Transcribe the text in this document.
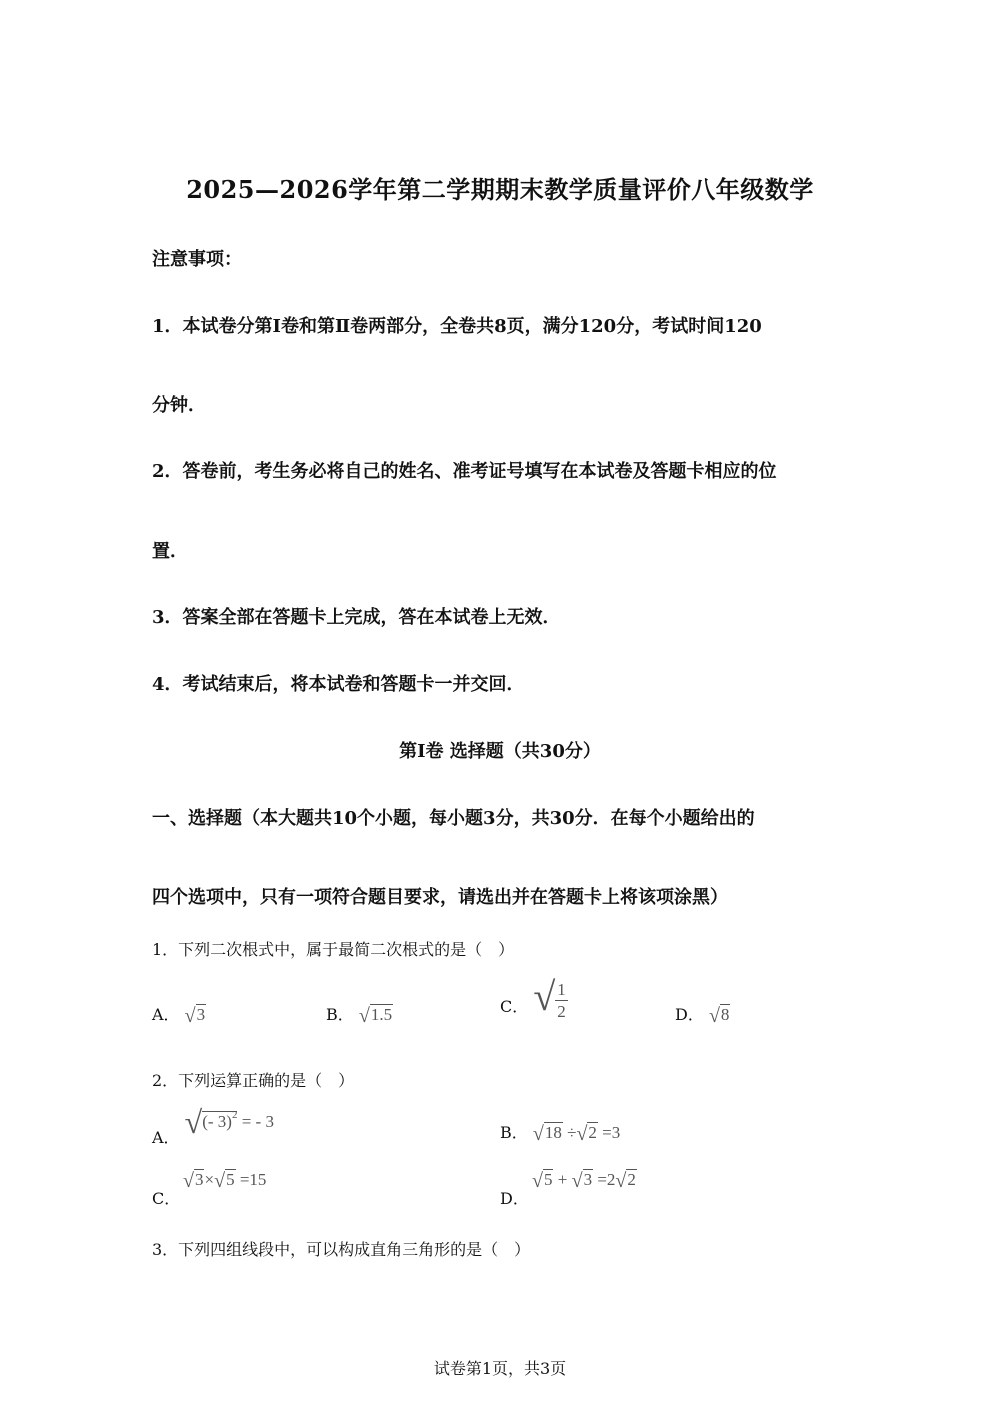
2025—2026学年第二学期期末教学质量评价八年级数学
注意事项：
1．本试卷分第Ⅰ卷和第Ⅱ卷两部分，全卷共8页，满分120分，考试时间120
分钟．
2．答卷前，考生务必将自己的姓名、准考证号填写在本试卷及答题卡相应的位
置．
3．答案全部在答题卡上完成，答在本试卷上无效．
4．考试结束后，将本试卷和答题卡一并交回．
第Ⅰ卷 选择题（共30分）
一、选择题（本大题共10个小题，每小题3分，共30分．在每个小题给出的
四个选项中，只有一项符合题目要求，请选出并在答题卡上将该项涂黑）
1．下列二次根式中，属于最简二次根式的是（　）
A． √3	B． √1.5	C． √ $\frac{1}{2}$	D． √8
2．下列运算正确的是（　）
A． √(- 3)$^2$ = - 3
B． √18 ÷√2 =3
C．
√3×√5 =15
D．
√5 + √3 =2√2
3．下列四组线段中，可以构成直角三角形的是（　）
试卷第1页，共3页
